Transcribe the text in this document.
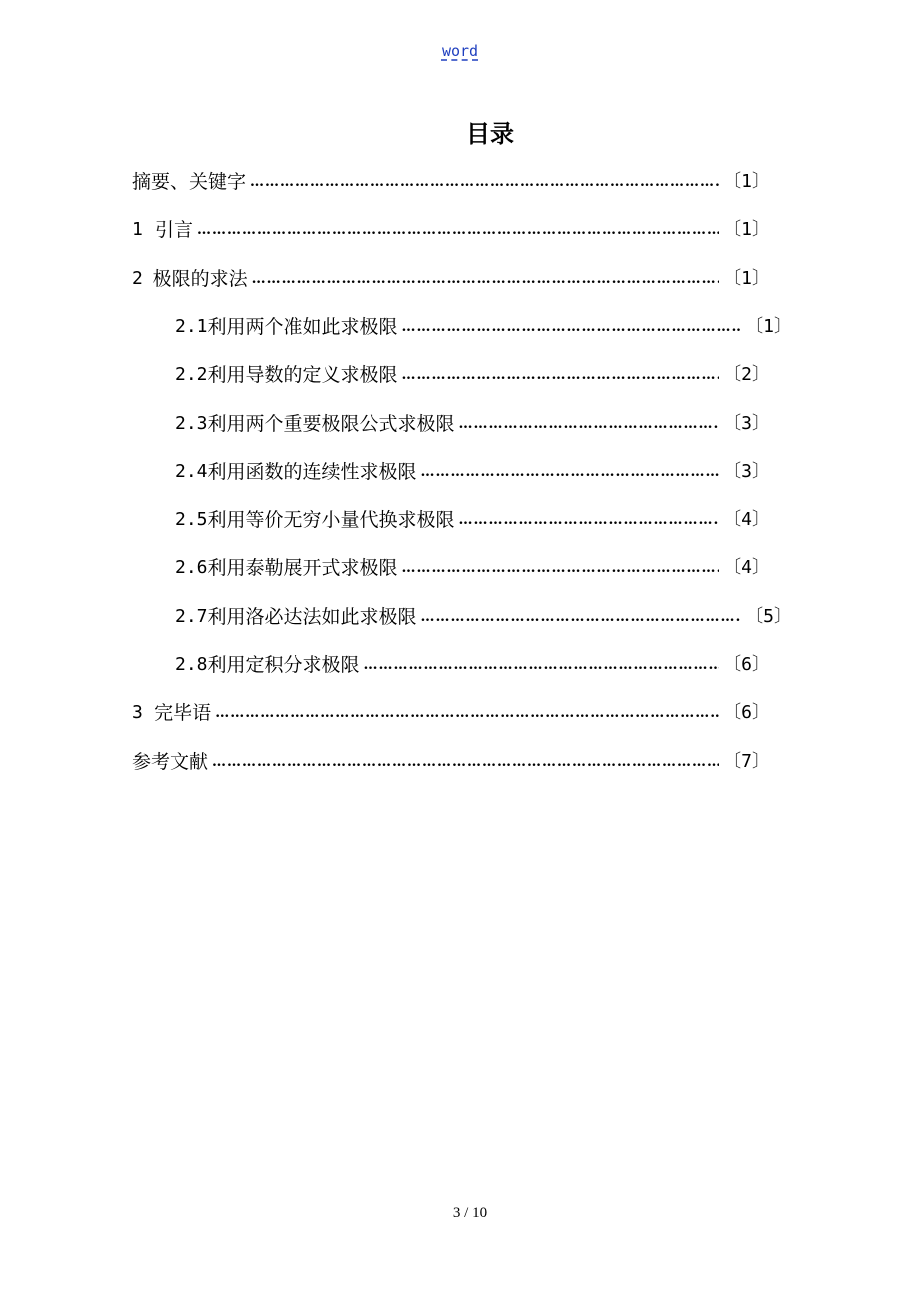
word
目录
摘要、关键字 ……………………………………………………………………………………………………………………………………	〔1〕
1 引言 ……………………………………………………………………………………………………………………………………	〔1〕
2 极限的求法 ……………………………………………………………………………………………………………………………………	〔1〕
2.1 利用两个准如此求极限 ……………………………………………………………………………………………………………………………………	〔1〕
2.2 利用导数的定义求极限 ……………………………………………………………………………………………………………………………………	〔2〕
2.3 利用两个重要极限公式求极限 ……………………………………………………………………………………………………………………………………	〔3〕
2.4 利用函数的连续性求极限 ……………………………………………………………………………………………………………………………………	〔3〕
2.5 利用等价无穷小量代换求极限 ……………………………………………………………………………………………………………………………………	〔4〕
2.6 利用泰勒展开式求极限 ……………………………………………………………………………………………………………………………………	〔4〕
2.7 利用洛必达法如此求极限 ……………………………………………………………………………………………………………………………………	〔5〕
2.8 利用定积分求极限 ……………………………………………………………………………………………………………………………………	〔6〕
3 完毕语 ……………………………………………………………………………………………………………………………………	〔6〕
参考文献 ……………………………………………………………………………………………………………………………………	〔7〕
3 / 10
